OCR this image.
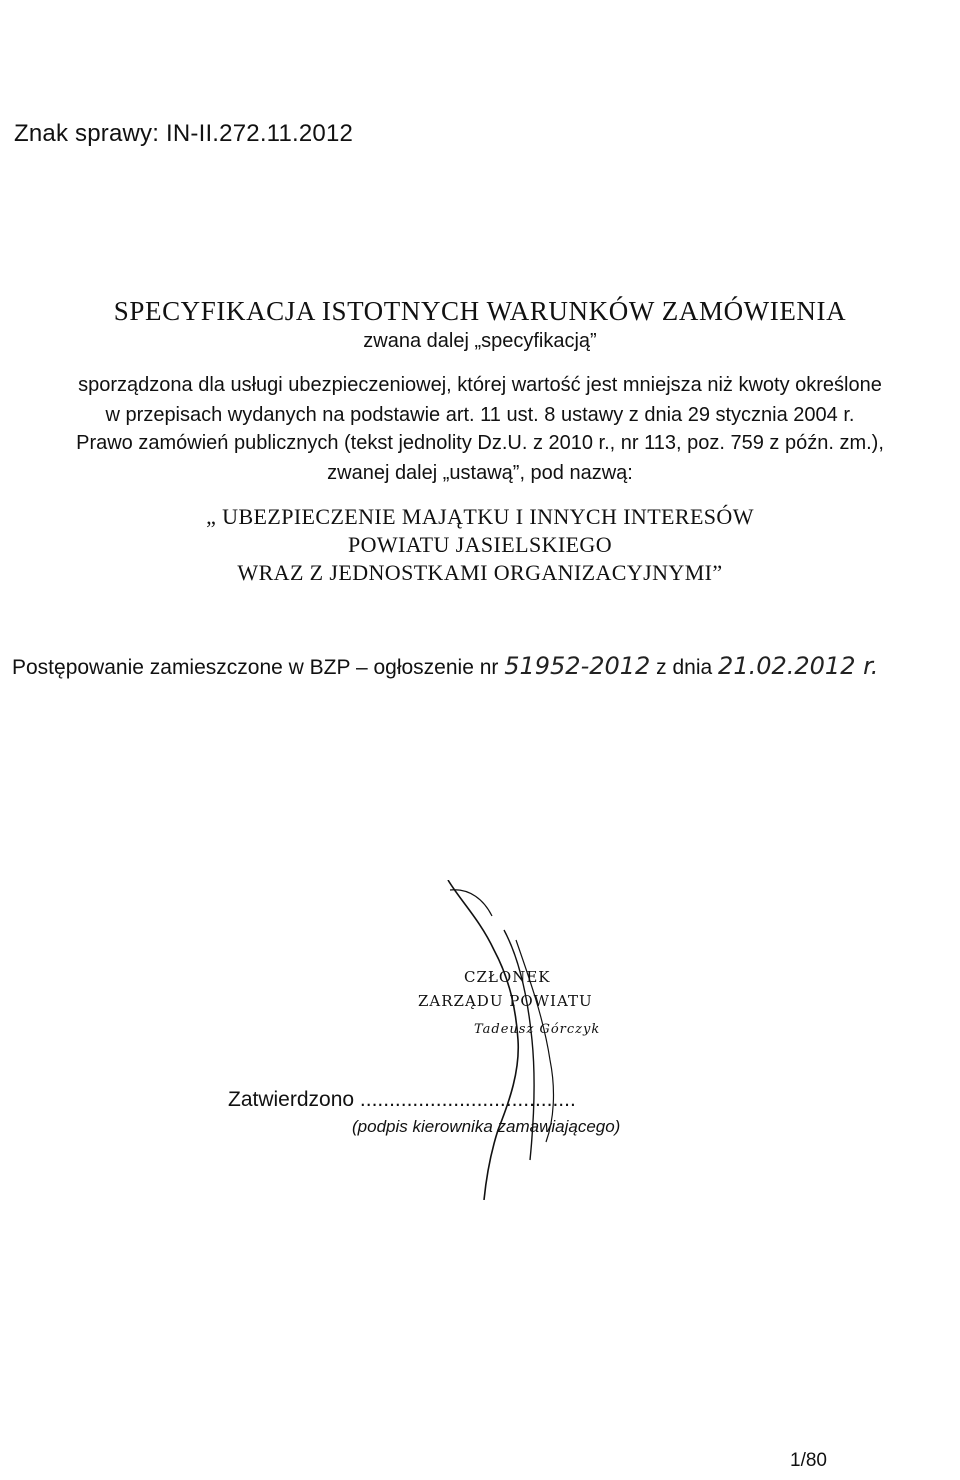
Znak sprawy: IN-II.272.11.2012
SPECYFIKACJA ISTOTNYCH WARUNKÓW ZAMÓWIENIA
zwana dalej „specyfikacją”
sporządzona dla usługi ubezpieczeniowej, której wartość jest mniejsza niż kwoty określone
w przepisach wydanych na podstawie art. 11 ust. 8 ustawy z dnia 29 stycznia 2004 r.
Prawo zamówień publicznych (tekst jednolity Dz.U. z 2010 r., nr 113, poz. 759 z późn. zm.),
zwanej dalej „ustawą”, pod nazwą:
„ UBEZPIECZENIE MAJĄTKU I INNYCH INTERESÓW
POWIATU JASIELSKIEGO
WRAZ Z JEDNOSTKAMI ORGANIZACYJNYMI”
Postępowanie zamieszczone w BZP – ogłoszenie nr 51952-2012 z dnia 21.02.2012 r.
CZŁONEK
ZARZĄDU POWIATU
Tadeusz Górczyk
Zatwierdzono .....................................
(podpis kierownika zamawiającego)
1/80
